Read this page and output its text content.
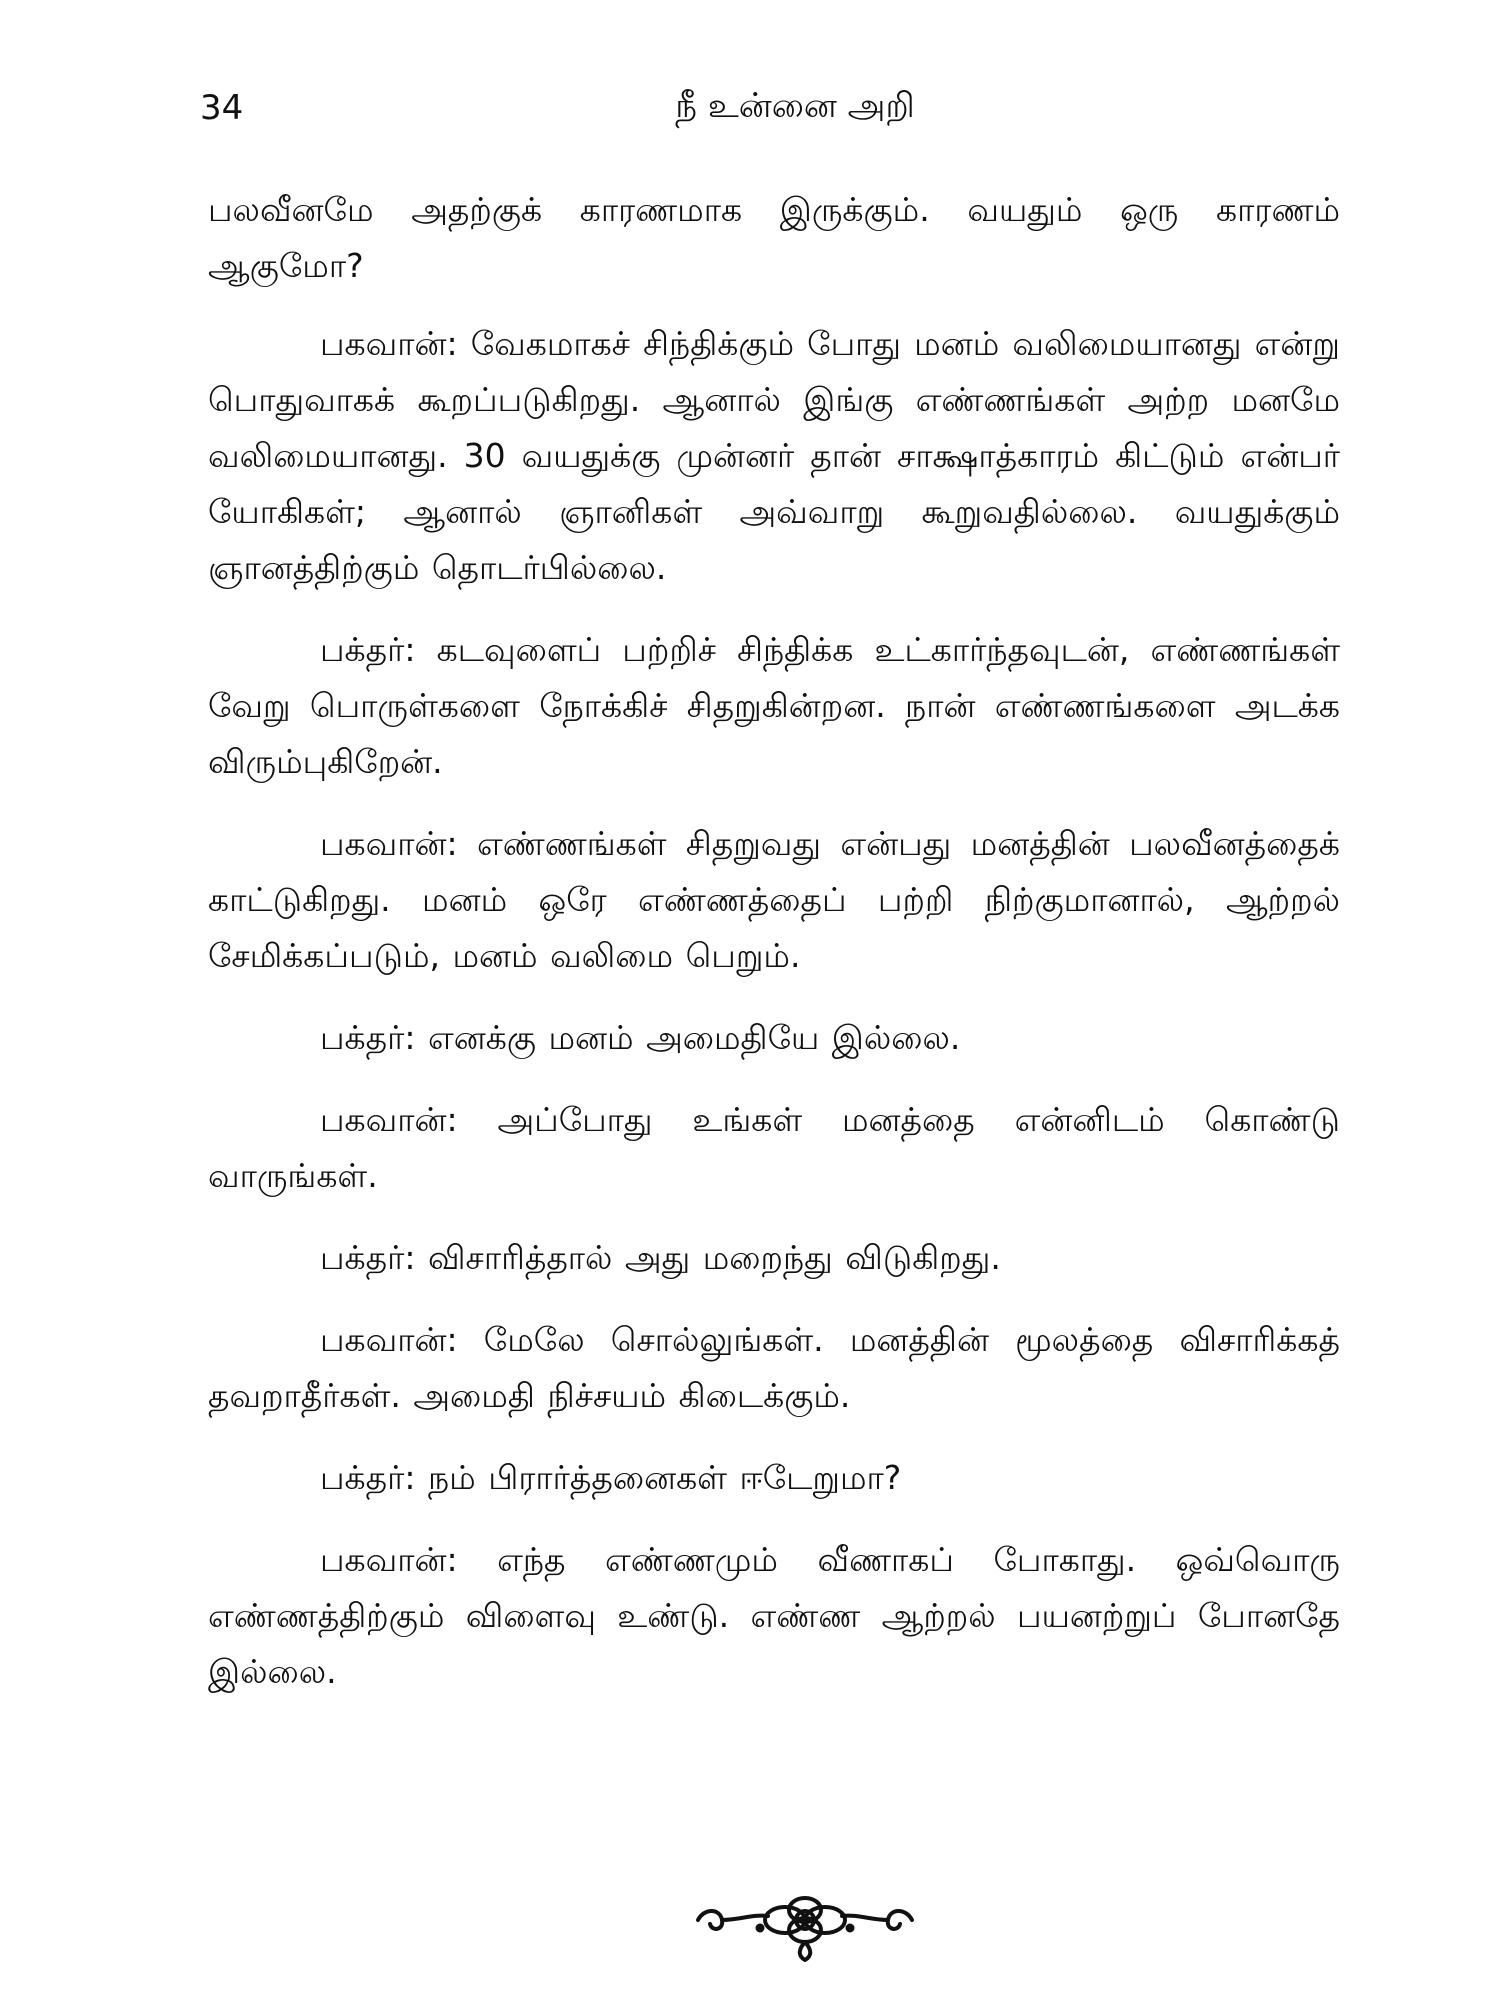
34	நீ உன்னை அறி

பலவீனமே அதற்குக் காரணமாக இருக்கும். வயதும் ஒரு காரணம் ஆகுமோ?

பகவான்: வேகமாகச் சிந்திக்கும் போது மனம் வலிமையானது என்று பொதுவாகக் கூறப்படுகிறது. ஆனால் இங்கு எண்ணங்கள் அற்ற மனமே வலிமையானது. 30 வயதுக்கு முன்னர் தான் சாக்ஷாத்காரம் கிட்டும் என்பர் யோகிகள்; ஆனால் ஞானிகள் அவ்வாறு கூறுவதில்லை. வயதுக்கும் ஞானத்திற்கும் தொடர்பில்லை.

பக்தர்: கடவுளைப் பற்றிச் சிந்திக்க உட்கார்ந்தவுடன், எண்ணங்கள் வேறு பொருள்களை நோக்கிச் சிதறுகின்றன. நான் எண்ணங்களை அடக்க விரும்புகிறேன்.

பகவான்: எண்ணங்கள் சிதறுவது என்பது மனத்தின் பலவீனத்தைக் காட்டுகிறது. மனம் ஒரே எண்ணத்தைப் பற்றி நிற்குமானால், ஆற்றல் சேமிக்கப்படும், மனம் வலிமை பெறும்.

பக்தர்: எனக்கு மனம் அமைதியே இல்லை.

பகவான்: அப்போது உங்கள் மனத்தை என்னிடம் கொண்டு வாருங்கள்.

பக்தர்: விசாரித்தால் அது மறைந்து விடுகிறது.

பகவான்: மேலே சொல்லுங்கள். மனத்தின் மூலத்தை விசாரிக்கத் தவறாதீர்கள். அமைதி நிச்சயம் கிடைக்கும்.

பக்தர்: நம் பிரார்த்தனைகள் ஈடேறுமா?

பகவான்: எந்த எண்ணமும் வீணாகப் போகாது. ஒவ்வொரு எண்ணத்திற்கும் விளைவு உண்டு. எண்ண ஆற்றல் பயனற்றுப் போனதே இல்லை.
